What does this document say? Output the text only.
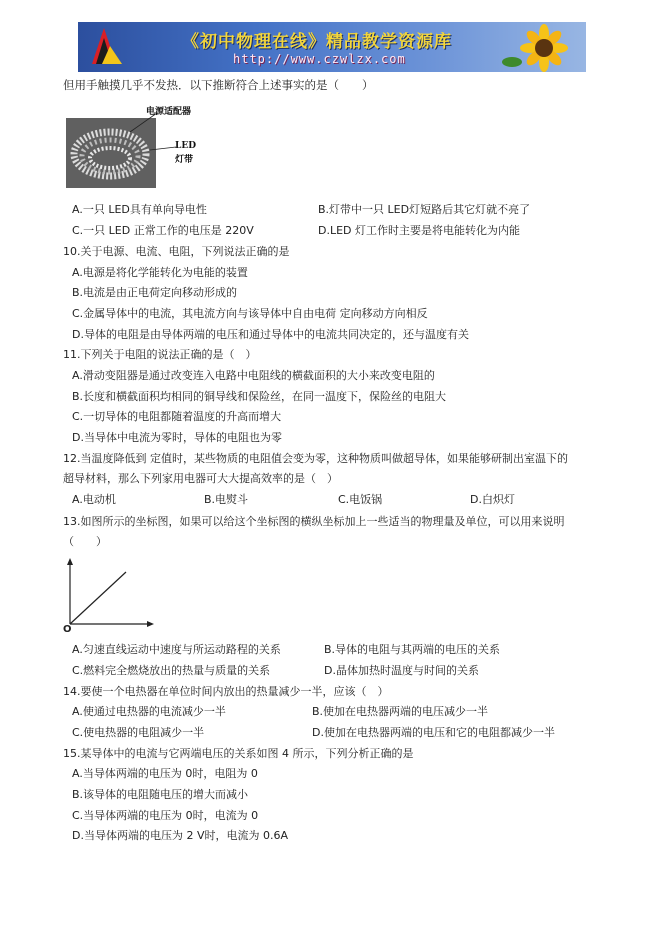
《初中物理在线》精品教学资源库
http://www.czwlzx.com
但用手触摸几乎不发热．以下推断符合上述事实的是（　　）
电源适配器
LED
灯带
A.一只 LED具有单向导电性	B.灯带中一只 LED灯短路后其它灯就不亮了
C.一只 LED 正常工作的电压是 220V	D.LED 灯工作时主要是将电能转化为内能
10.关于电源、电流、电阻，下列说法正确的是
A.电源是将化学能转化为电能的装置
B.电流是由正电荷定向移动形成的
C.金属导体中的电流，其电流方向与该导体中自由电荷 定向移动方向相反
D.导体的电阻是由导体两端的电压和通过导体中的电流共同决定的，还与温度有关
11.下列关于电阻的说法正确的是（　）
A.滑动变阻器是通过改变连入电路中电阻线的横截面积的大小来改变电阻的
B.长度和横截面积均相同的铜导线和保险丝，在同一温度下，保险丝的电阻大
C.一切导体的电阻都随着温度的升高而增大
D.当导体中电流为零时，导体的电阻也为零
12.当温度降低到 定值时，某些物质的电阻值会变为零，这种物质叫做超导体，如果能够研制出室温下的
超导材料，那么下列家用电器可大大提高效率的是（　）
A.电动机	B.电熨斗	C.电饭锅	D.白炽灯
13.如图所示的坐标图，如果可以给这个坐标图的横纵坐标加上一些适当的物理量及单位，可以用来说明
（　　）
O
A.匀速直线运动中速度与所运动路程的关系	B.导体的电阻与其两端的电压的关系
C.燃料完全燃烧放出的热量与质量的关系	D.晶体加热时温度与时间的关系
14.要使一个电热器在单位时间内放出的热量减少一半，应该（　）
A.使通过电热器的电流减少一半	B.使加在电热器两端的电压减少一半
C.使电热器的电阻减少一半	D.使加在电热器两端的电压和它的电阻都减少一半
15.某导体中的电流与它两端电压的关系如图 4 所示，下列分析正确的是
A.当导体两端的电压为 0时，电阻为 0
B.该导体的电阻随电压的增大而减小
C.当导体两端的电压为 0时，电流为 0
D.当导体两端的电压为 2 V时，电流为 0.6A
